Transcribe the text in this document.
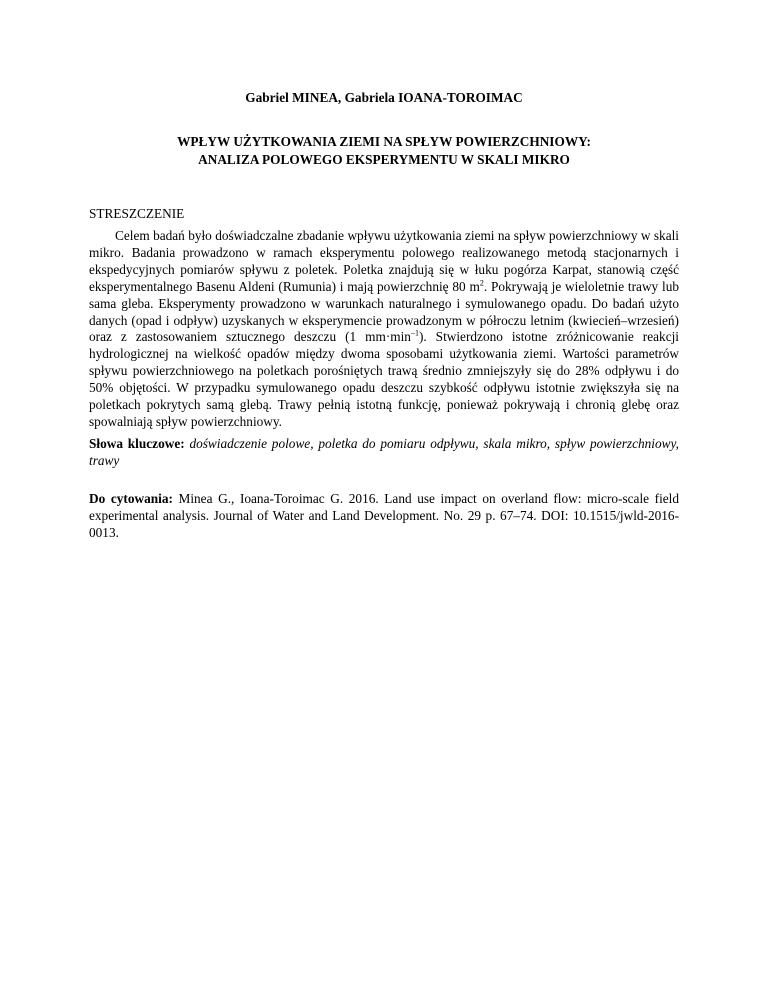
Gabriel MINEA, Gabriela IOANA-TOROIMAC
WPŁYW UŻYTKOWANIA ZIEMI NA SPŁYW POWIERZCHNIOWY:
ANALIZA POLOWEGO EKSPERYMENTU W SKALI MIKRO
STRESZCZENIE

Celem badań było doświadczalne zbadanie wpływu użytkowania ziemi na spływ powierzchniowy w skali mikro. Badania prowadzono w ramach eksperymentu polowego realizowanego metodą stacjonarnych i ekspedycyjnych pomiarów spływu z poletek. Poletka znajdują się w łuku pogórza Karpat, stanowią część eksperymentalnego Basenu Aldeni (Rumunia) i mają powierzchnię 80 $m^2$. Pokrywają je wieloletnie trawy lub sama gleba. Eksperymenty prowadzono w warunkach naturalnego i symulowanego opadu. Do badań użyto danych (opad i odpływ) uzyskanych w eksperymencie prowadzonym w półroczu letnim (kwiecień–wrzesień) oraz z zastosowaniem sztucznego deszczu (1 $mm\cdot\min^{-1}$). Stwierdzono istotne zróżnicowanie reakcji hydrologicznej na wielkość opadów między dwoma sposobami użytkowania ziemi. Wartości parametrów spływu powierzchniowego na poletkach porośniętych trawą średnio zmniejszyły się do 28% odpływu i do 50% objętości. W przypadku symulowanego opadu deszczu szybkość odpływu istotnie zwiększyła się na poletkach pokrytych samą glebą. Trawy pełnią istotną funkcję, ponieważ pokrywają i chronią glebę oraz spowalniają spływ powierzchniowy.

Słowa kluczowe: doświadczenie polowe, poletka do pomiaru odpływu, skala mikro, spływ powierzchniowy, trawy

Do cytowania: Minea G., Ioana-Toroimac G. 2016. Land use impact on overland flow: micro-scale field experimental analysis. Journal of Water and Land Development. No. 29 p. 67–74. DOI: 10.1515/jwld-2016-0013.
